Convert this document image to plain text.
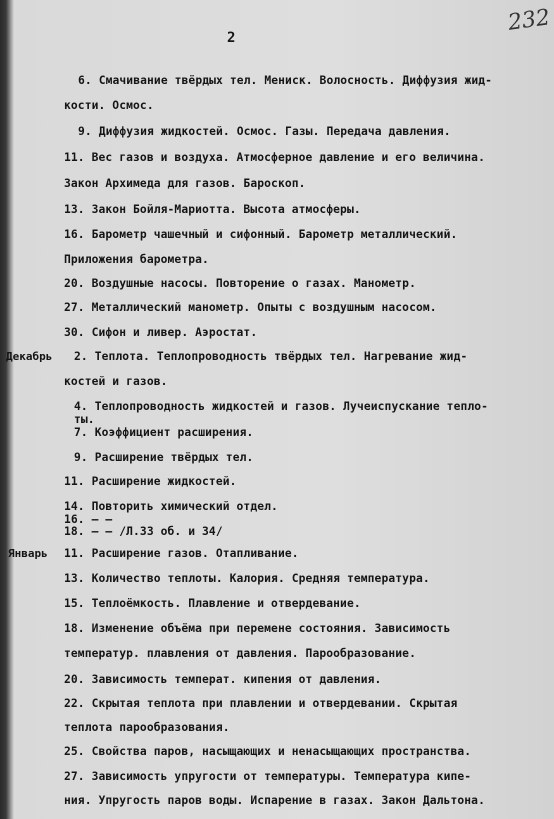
2
232
Декабрь
Январь
6. Смачивание твёрдых тел. Мениск. Волосность. Диффузия жид-
кости. Осмос.
9. Диффузия жидкостей. Осмос. Газы. Передача давления.
11. Вес газов и воздуха. Атмосферное давление и его величина.
Закон Архимеда для газов. Бароскоп.
13. Закон Бойля-Мариотта. Высота атмосферы.
16. Барометр чашечный и сифонный. Барометр металлический.
Приложения барометра.
20. Воздушные насосы. Повторение о газах. Манометр.
27. Металлический манометр. Опыты с воздушным насосом.
30. Сифон и ливер. Аэростат.
2. Теплота. Теплопроводность твёрдых тел. Нагревание жид-
костей и газов.
4. Теплопроводность жидкостей и газов. Лучеиспускание тепло-
ты.
7. Коэффициент расширения.
9. Расширение твёрдых тел.
11. Расширение жидкостей.
14. Повторить химический отдел.
16. – –
18. – – /Л.33 об. и 34/
11. Расширение газов. Отапливание.
13. Количество теплоты. Калория. Средняя температура.
15. Теплоёмкость. Плавление и отвердевание.
18. Изменение объёма при перемене состояния. Зависимость
температур. плавления от давления. Парообразование.
20. Зависимость температ. кипения от давления.
22. Скрытая теплота при плавлении и отвердевании. Скрытая
теплота парообразования.
25. Свойства паров, насыщающих и ненасыщающих пространства.
27. Зависимость упругости от температуры. Температура кипе-
ния. Упругость паров воды. Испарение в газах. Закон Дальтона.
